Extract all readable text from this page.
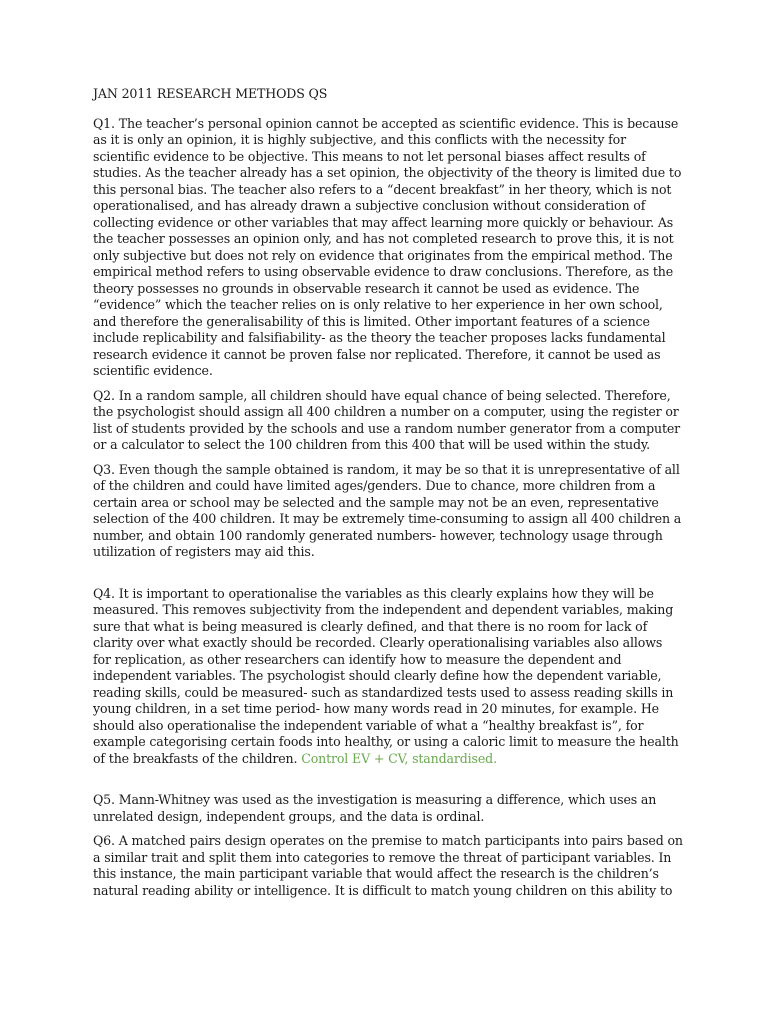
JAN 2011 RESEARCH METHODS QS

Q1. The teacher’s personal opinion cannot be accepted as scientific evidence. This is because as it is only an opinion, it is highly subjective, and this conflicts with the necessity for scientific evidence to be objective. This means to not let personal biases affect results of studies. As the teacher already has a set opinion, the objectivity of the theory is limited due to this personal bias. The teacher also refers to a “decent breakfast” in her theory, which is not operationalised, and has already drawn a subjective conclusion without consideration of collecting evidence or other variables that may affect learning more quickly or behaviour. As the teacher possesses an opinion only, and has not completed research to prove this, it is not only subjective but does not rely on evidence that originates from the empirical method. The empirical method refers to using observable evidence to draw conclusions. Therefore, as the theory possesses no grounds in observable research it cannot be used as evidence. The “evidence” which the teacher relies on is only relative to her experience in her own school, and therefore the generalisability of this is limited. Other important features of a science include replicability and falsifiability- as the theory the teacher proposes lacks fundamental research evidence it cannot be proven false nor replicated. Therefore, it cannot be used as scientific evidence.

Q2. In a random sample, all children should have equal chance of being selected. Therefore, the psychologist should assign all 400 children a number on a computer, using the register or list of students provided by the schools and use a random number generator from a computer or a calculator to select the 100 children from this 400 that will be used within the study.

Q3. Even though the sample obtained is random, it may be so that it is unrepresentative of all of the children and could have limited ages/genders. Due to chance, more children from a certain area or school may be selected and the sample may not be an even, representative selection of the 400 children. It may be extremely time-consuming to assign all 400 children a number, and obtain 100 randomly generated numbers- however, technology usage through utilization of registers may aid this.

Q4. It is important to operationalise the variables as this clearly explains how they will be measured. This removes subjectivity from the independent and dependent variables, making sure that what is being measured is clearly defined, and that there is no room for lack of clarity over what exactly should be recorded. Clearly operationalising variables also allows for replication, as other researchers can identify how to measure the dependent and independent variables. The psychologist should clearly define how the dependent variable, reading skills, could be measured- such as standardized tests used to assess reading skills in young children, in a set time period- how many words read in 20 minutes, for example. He should also operationalise the independent variable of what a “healthy breakfast is”, for example categorising certain foods into healthy, or using a caloric limit to measure the health of the breakfasts of the children. Control EV + CV, standardised.

Q5. Mann-Whitney was used as the investigation is measuring a difference, which uses an unrelated design, independent groups, and the data is ordinal.

Q6. A matched pairs design operates on the premise to match participants into pairs based on a similar trait and split them into categories to remove the threat of participant variables. In this instance, the main participant variable that would affect the research is the children’s natural reading ability or intelligence. It is difficult to match young children on this ability to
